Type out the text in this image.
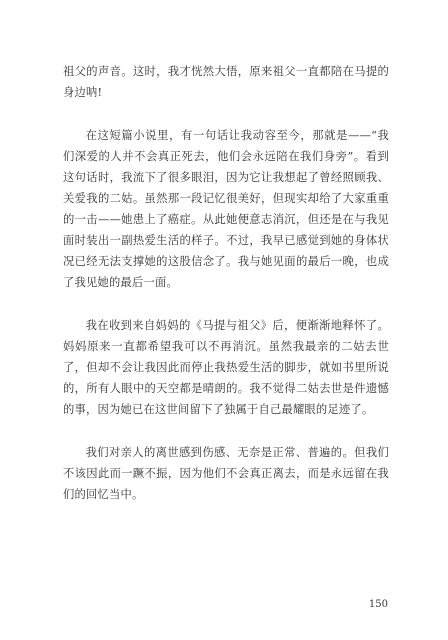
祖父的声音。这时，我才恍然大悟，原来祖父一直都陪在马提的身边呐!

在这短篇小说里，有一句话让我动容至今，那就是——“我们深爱的人并不会真正死去，他们会永远陪在我们身旁”。看到这句话时，我流下了很多眼泪，因为它让我想起了曾经照顾我、关爱我的二姑。虽然那一段记忆很美好，但现实却给了大家重重的一击——她患上了癌症。从此她便意志消沉，但还是在与我见面时装出一副热爱生活的样子。不过，我早已感觉到她的身体状况已经无法支撑她的这股信念了。我与她见面的最后一晚，也成了我见她的最后一面。

我在收到来自妈妈的《马提与祖父》后，便渐渐地释怀了。妈妈原来一直都希望我可以不再消沉。虽然我最亲的二姑去世了，但却不会让我因此而停止我热爱生活的脚步，就如书里所说的，所有人眼中的天空都是晴朗的。我不觉得二姑去世是件遗憾的事，因为她已在这世间留下了独属于自己最耀眼的足迹了。

我们对亲人的离世感到伤感、无奈是正常、普遍的。但我们不该因此而一蹶不振，因为他们不会真正离去，而是永远留在我们的回忆当中。

150
